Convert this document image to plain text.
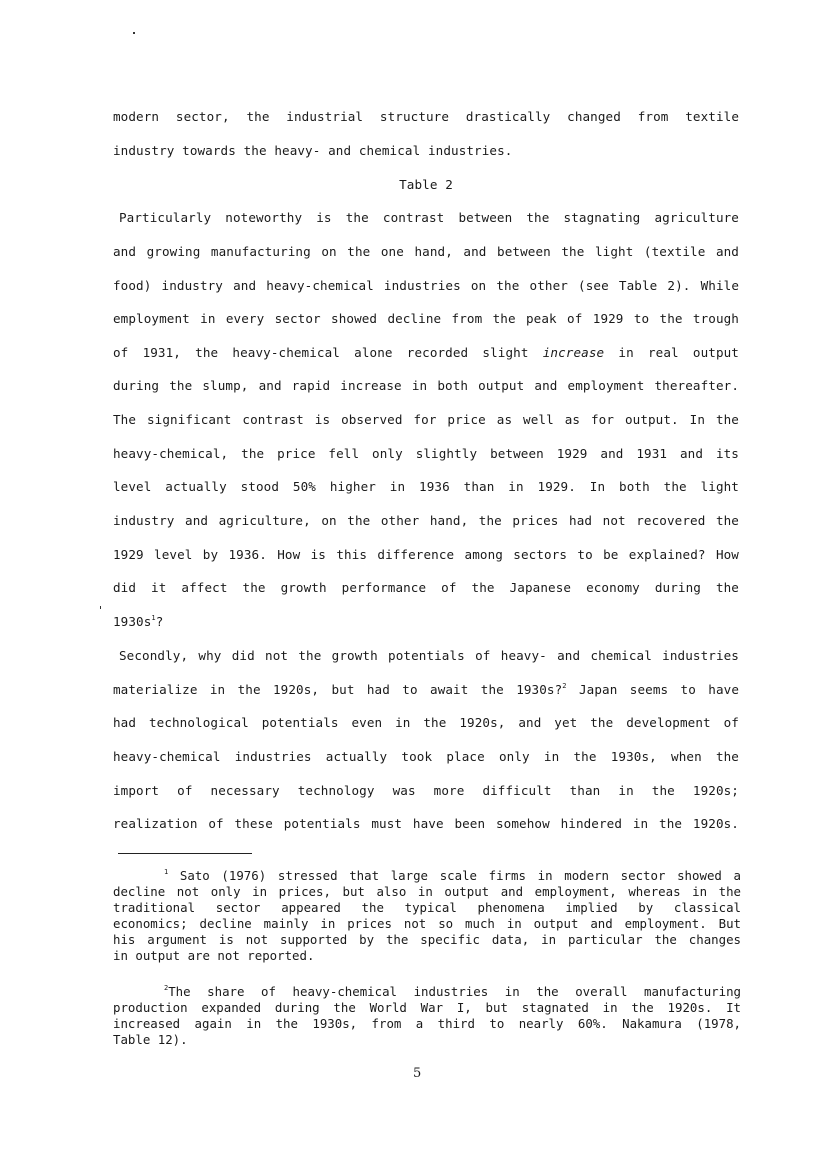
modern sector, the industrial structure drastically changed from textile
industry towards the heavy- and chemical industries.
Table 2
Particularly noteworthy is the contrast between the stagnating agriculture
and growing manufacturing on the one hand, and between the light (textile and
food) industry and heavy-chemical industries on the other (see Table 2). While
employment in every sector showed decline from the peak of 1929 to the trough
of 1931, the heavy-chemical alone recorded slight increase in real output
during the slump, and rapid increase in both output and employment thereafter.
The significant contrast is observed for price as well as for output. In the
heavy-chemical, the price fell only slightly between 1929 and 1931 and its
level actually stood 50% higher in 1936 than in 1929. In both the light
industry and agriculture, on the other hand, the prices had not recovered the
1929 level by 1936. How is this difference among sectors to be explained? How
did it affect the growth performance of the Japanese economy during the
$1930s^1$?
Secondly, why did not the growth potentials of heavy- and chemical industries
materialize in the 1920s, but had to await the 1930s?$^2$ Japan seems to have
had technological potentials even in the 1920s, and yet the development of
heavy-chemical industries actually took place only in the 1930s, when the
import of necessary technology was more difficult than in the 1920s;
realization of these potentials must have been somehow hindered in the 1920s.
$^1$ Sato (1976) stressed that large scale firms in modern sector showed a
decline not only in prices, but also in output and employment, whereas in the
traditional sector appeared the typical phenomena implied by classical
economics; decline mainly in prices not so much in output and employment. But
his argument is not supported by the specific data, in particular the changes
in output are not reported.
$^2$The share of heavy-chemical industries in the overall manufacturing
production expanded during the World War I, but stagnated in the 1920s. It
increased again in the 1930s, from a third to nearly 60%. Nakamura (1978,
Table 12).
5
